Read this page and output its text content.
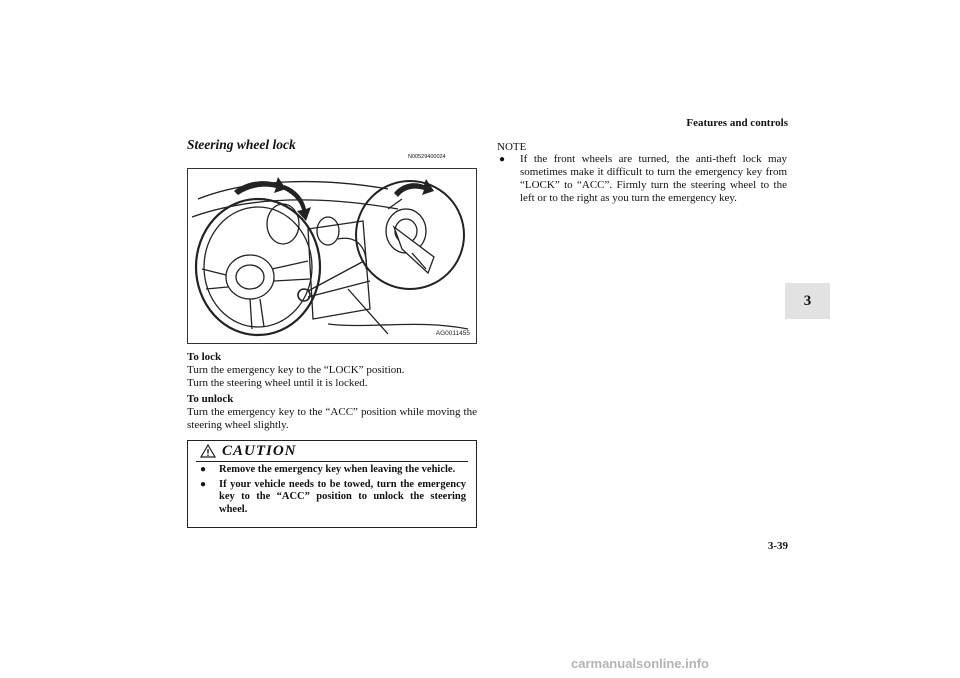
Features and controls
3
Steering wheel lock
N00529400024
AG0011455
To lock
Turn the emergency key to the “LOCK” position.
Turn the steering wheel until it is locked.
To unlock
Turn the emergency key to the “ACC” position while moving the steering wheel slightly.
CAUTION
● Remove the emergency key when leaving the vehicle.
● If your vehicle needs to be towed, turn the emergency key to the “ACC” position to unlock the steering wheel.
NOTE
●	If the front wheels are turned, the anti-theft lock may sometimes make it difficult to turn the emergency key from “LOCK” to “ACC”. Firmly turn the steering wheel to the left or to the right as you turn the emergency key.
3-39
carmanualsonline.info
